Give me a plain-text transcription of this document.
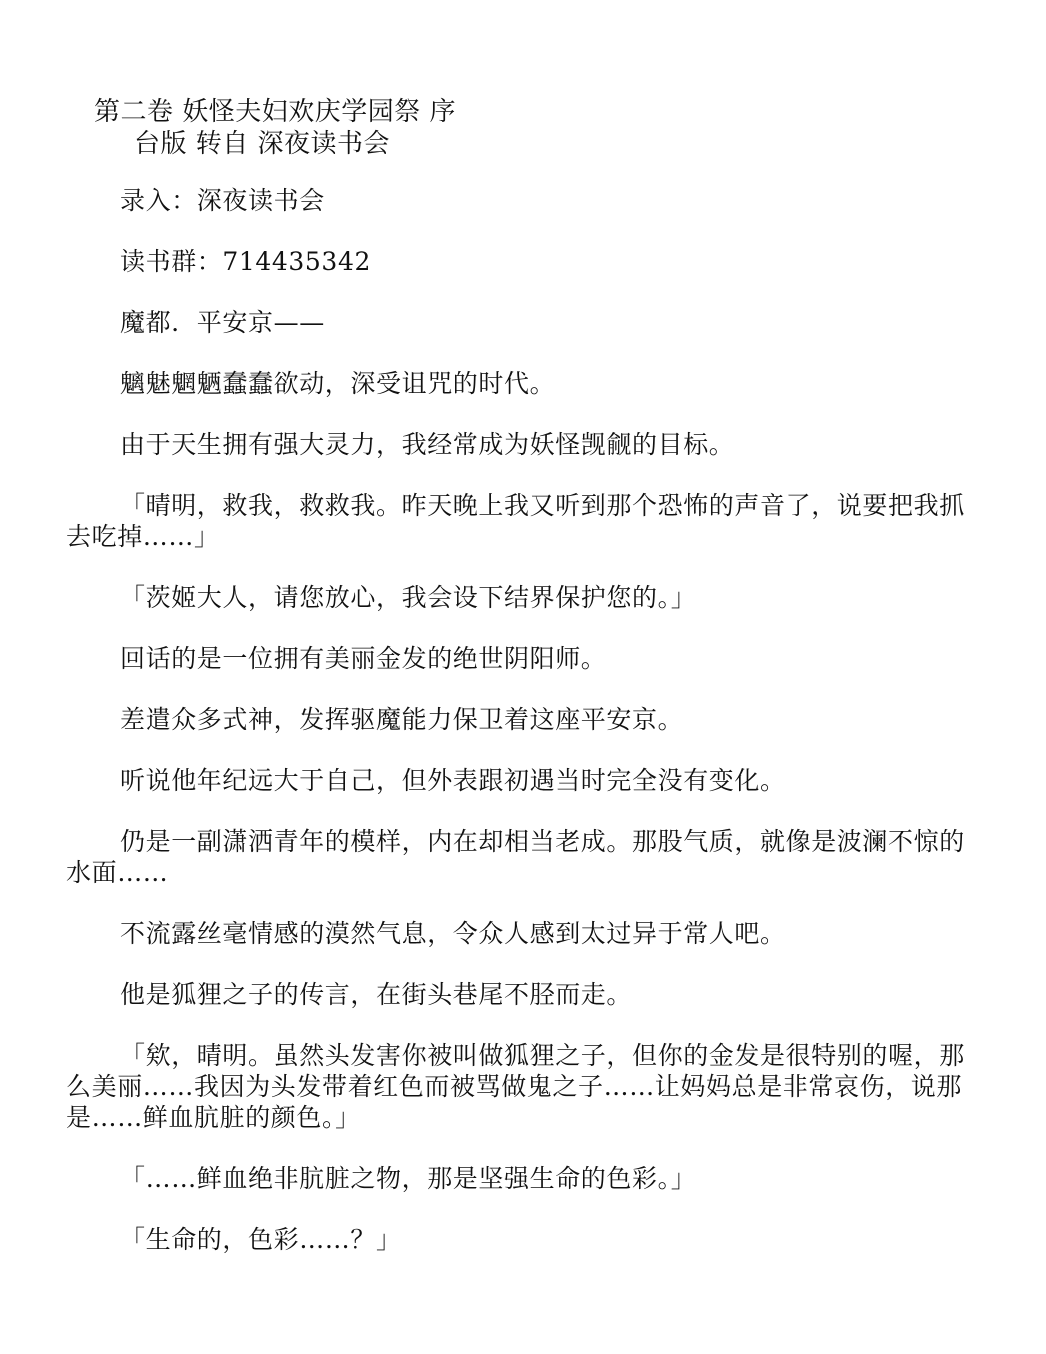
第二卷 妖怪夫妇欢庆学园祭 序
台版 转自 深夜读书会

录入：深夜读书会

读书群：714435342

魔都．平安京——

魑魅魍魉蠢蠢欲动，深受诅咒的时代。

由于天生拥有强大灵力，我经常成为妖怪觊觎的目标。

「晴明，救我，救救我。昨天晚上我又听到那个恐怖的声音了，说要把我抓去吃掉……」

「茨姬大人，请您放心，我会设下结界保护您的。」

回话的是一位拥有美丽金发的绝世阴阳师。

差遣众多式神，发挥驱魔能力保卫着这座平安京。

听说他年纪远大于自己，但外表跟初遇当时完全没有变化。

仍是一副潇洒青年的模样，内在却相当老成。那股气质，就像是波澜不惊的水面……

不流露丝毫情感的漠然气息，令众人感到太过异于常人吧。

他是狐狸之子的传言，在街头巷尾不胫而走。

「欸，晴明。虽然头发害你被叫做狐狸之子，但你的金发是很特别的喔，那么美丽……我因为头发带着红色而被骂做鬼之子……让妈妈总是非常哀伤，说那是……鲜血肮脏的颜色。」

「……鲜血绝非肮脏之物，那是坚强生命的色彩。」

「生命的，色彩……？」
